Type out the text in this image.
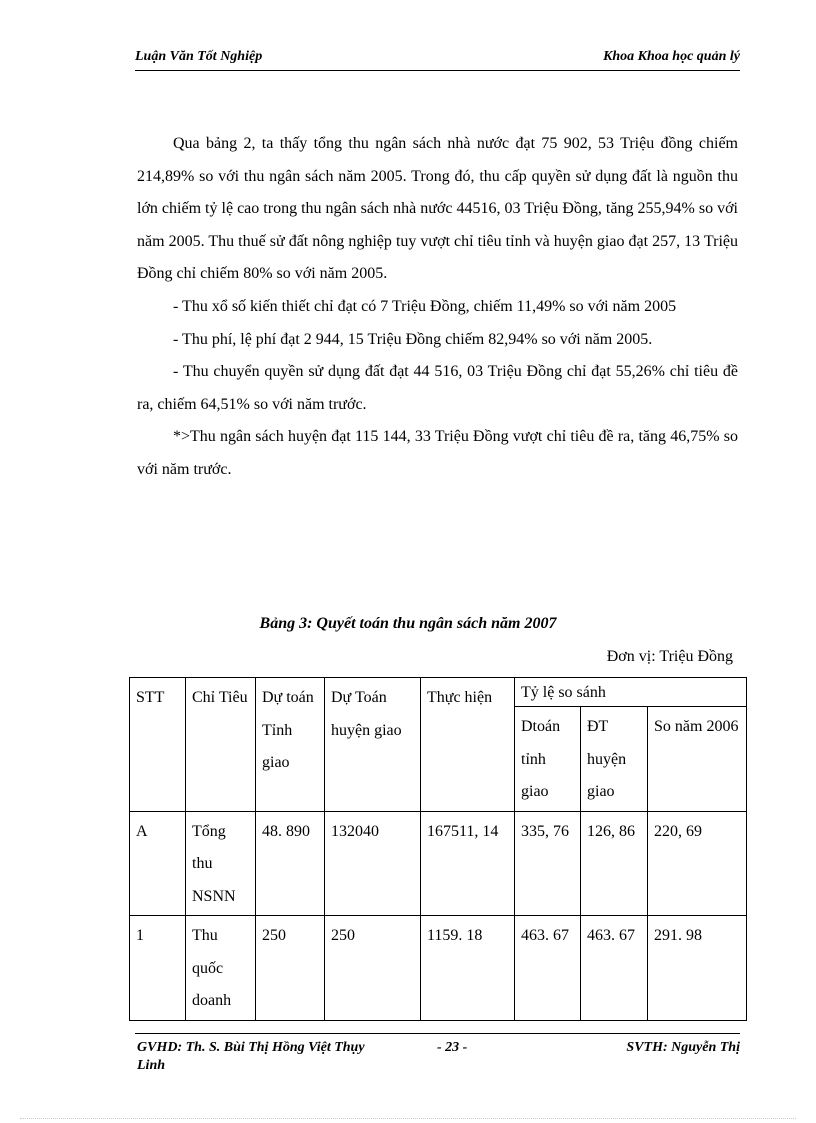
Luận Văn Tốt Nghiệp	Khoa Khoa học quản lý

Qua bảng 2, ta thấy tổng thu ngân sách nhà nước đạt 75 902, 53 Triệu đồng chiếm 214,89% so với thu ngân sách năm 2005. Trong đó, thu cấp quyền sử dụng đất là nguồn thu lớn chiếm tỷ lệ cao trong thu ngân sách nhà nước 44516, 03 Triệu Đồng, tăng 255,94% so với năm 2005. Thu thuế sử đất nông nghiệp tuy vượt chỉ tiêu tỉnh và huyện giao đạt 257, 13 Triệu Đồng chỉ chiếm 80% so với năm 2005.

- Thu xổ số kiến thiết chỉ đạt có 7 Triệu Đồng, chiếm 11,49% so với năm 2005

- Thu phí, lệ phí đạt 2 944, 15 Triệu Đồng chiếm 82,94% so với năm 2005.

- Thu chuyển quyền sử dụng đất đạt 44 516, 03 Triệu Đồng chỉ đạt 55,26% chỉ tiêu đề ra, chiếm 64,51% so với năm trước.

*>Thu ngân sách huyện đạt 115 144, 33 Triệu Đồng vượt chỉ tiêu đề ra, tăng 46,75% so với năm trước.

Bảng 3: Quyết toán thu ngân sách năm 2007
Đơn vị: Triệu Đồng
STT	Chỉ Tiêu	Dự toán Tỉnh giao	Dự Toán huyện giao	Thực hiện	Tỷ lệ so sánh		
					Dtoán tỉnh giao	ĐT huyện giao	So năm 2006
A	Tổng thu NSNN	48. 890	132040	167511, 14	335, 76	126, 86	220, 69
1	Thu quốc doanh	250	250	1159. 18	463. 67	463. 67	291. 98
GVHD: Th. S. Bùi Thị Hồng Việt Thụy Linh
- 23 -	SVTH: Nguyễn Thị
